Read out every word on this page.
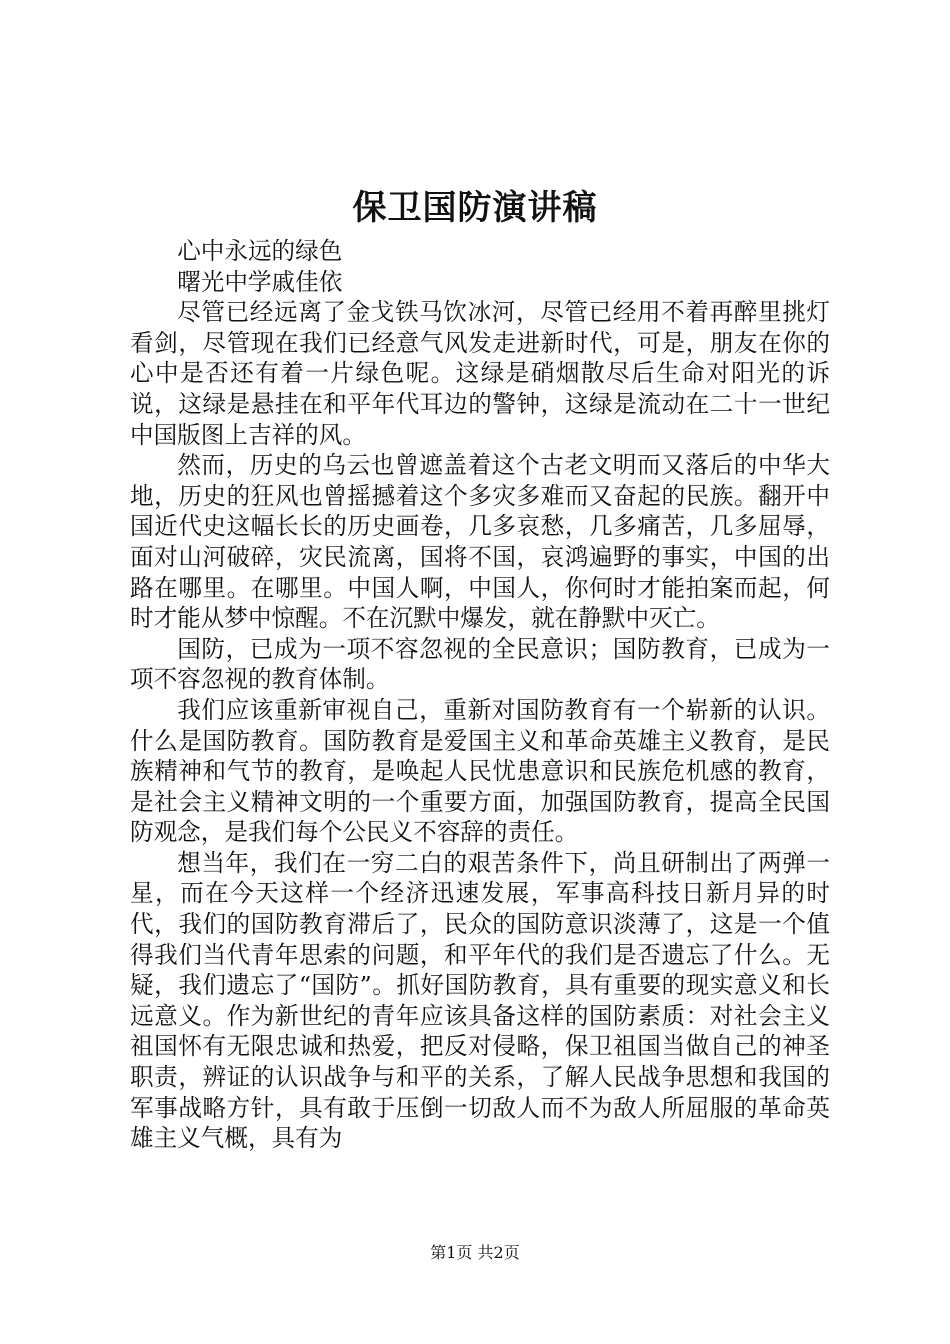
保卫国防演讲稿

心中永远的绿色

曙光中学戚佳依

尽管已经远离了金戈铁马饮冰河，尽管已经用不着再醉里挑灯看剑，尽管现在我们已经意气风发走进新时代，可是，朋友在你的心中是否还有着一片绿色呢。这绿是硝烟散尽后生命对阳光的诉说，这绿是悬挂在和平年代耳边的警钟，这绿是流动在二十一世纪中国版图上吉祥的风。

然而，历史的乌云也曾遮盖着这个古老文明而又落后的中华大地，历史的狂风也曾摇撼着这个多灾多难而又奋起的民族。翻开中国近代史这幅长长的历史画卷，几多哀愁，几多痛苦，几多屈辱，面对山河破碎，灾民流离，国将不国，哀鸿遍野的事实，中国的出路在哪里。在哪里。中国人啊，中国人，你何时才能拍案而起，何时才能从梦中惊醒。不在沉默中爆发，就在静默中灭亡。

国防，已成为一项不容忽视的全民意识；国防教育，已成为一项不容忽视的教育体制。

我们应该重新审视自己，重新对国防教育有一个崭新的认识。什么是国防教育。国防教育是爱国主义和革命英雄主义教育，是民族精神和气节的教育，是唤起人民忧患意识和民族危机感的教育，是社会主义精神文明的一个重要方面，加强国防教育，提高全民国防观念，是我们每个公民义不容辞的责任。

想当年，我们在一穷二白的艰苦条件下，尚且研制出了两弹一星，而在今天这样一个经济迅速发展，军事高科技日新月异的时代，我们的国防教育滞后了，民众的国防意识淡薄了，这是一个值得我们当代青年思索的问题，和平年代的我们是否遗忘了什么。无疑，我们遗忘了“国防”。抓好国防教育，具有重要的现实意义和长远意义。作为新世纪的青年应该具备这样的国防素质：对社会主义祖国怀有无限忠诚和热爱，把反对侵略，保卫祖国当做自己的神圣职责，辨证的认识战争与和平的关系，了解人民战争思想和我国的军事战略方针，具有敢于压倒一切敌人而不为敌人所屈服的革命英雄主义气概，具有为

第1页 共2页
